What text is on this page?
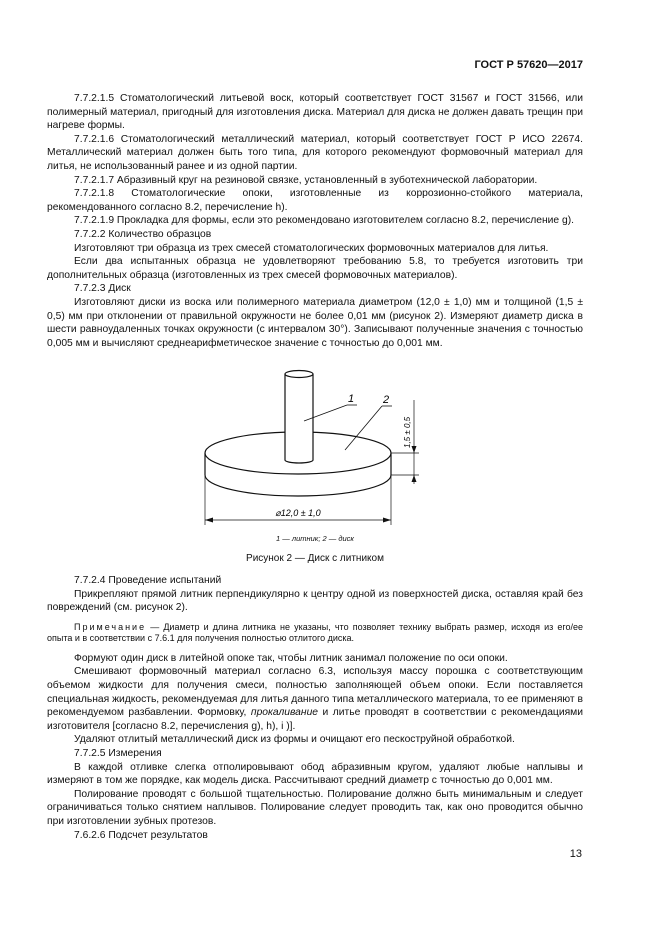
ГОСТ Р 57620—2017

7.7.2.1.5 Стоматологический литьевой воск, который соответствует ГОСТ 31567 и ГОСТ 31566, или полимерный материал, пригодный для изготовления диска. Материал для диска не должен давать трещин при нагреве формы.

7.7.2.1.6 Стоматологический металлический материал, который соответствует ГОСТ Р ИСО 22674. Металлический материал должен быть того типа, для которого рекомендуют формовочный материал для литья, не использованный ранее и из одной партии.

7.7.2.1.7 Абразивный круг на резиновой связке, установленный в зуботехнической лаборатории.

7.7.2.1.8 Стоматологические опоки, изготовленные из коррозионно-стойкого материала, рекомендованного согласно 8.2, перечисление h).

7.7.2.1.9 Прокладка для формы, если это рекомендовано изготовителем согласно 8.2, перечисление g).

7.7.2.2 Количество образцов

Изготовляют три образца из трех смесей стоматологических формовочных материалов для литья.

Если два испытанных образца не удовлетворяют требованию 5.8, то требуется изготовить три дополнительных образца (изготовленных из трех смесей формовочных материалов).

7.7.2.3 Диск

Изготовляют диски из воска или полимерного материала диаметром (12,0 ± 1,0) мм и толщиной (1,5 ± 0,5) мм при отклонении от правильной окружности не более 0,01 мм (рисунок 2). Измеряют диаметр диска в шести равноудаленных точках окружности (с интервалом 30°). Записывают полученные значения с точностью 0,005 мм и вычисляют среднеарифметическое значение с точностью до 0,001 мм.

1	2
⌀12,0 ± 1,0
1,5 ± 0,5
1 — литник; 2 — диск
Рисунок 2 — Диск с литником

7.7.2.4 Проведение испытаний

Прикрепляют прямой литник перпендикулярно к центру одной из поверхностей диска, оставляя край без повреждений (см. рисунок 2).

Примечание — Диаметр и длина литника не указаны, что позволяет технику выбрать размер, исходя из его/ее опыта и в соответствии с 7.6.1 для получения полностью отлитого диска.

Формуют один диск в литейной опоке так, чтобы литник занимал положение по оси опоки.

Смешивают формовочный материал согласно 6.3, используя массу порошка с соответствующим объемом жидкости для получения смеси, полностью заполняющей объем опоки. Если поставляется специальная жидкость, рекомендуемая для литья данного типа металлического материала, то ее применяют в рекомендуемом разбавлении. Формовку, прокаливание и литье проводят в соответствии с рекомендациями изготовителя [согласно 8.2, перечисления g), h), i )].

Удаляют отлитый металлический диск из формы и очищают его пескоструйной обработкой.

7.7.2.5 Измерения

В каждой отливке слегка отполировывают обод абразивным кругом, удаляют любые наплывы и измеряют в том же порядке, как модель диска. Рассчитывают средний диаметр с точностью до 0,001 мм.

Полирование проводят с большой тщательностью. Полирование должно быть минимальным и следует ограничиваться только снятием наплывов. Полирование следует проводить так, как оно проводится обычно при изготовлении зубных протезов.

7.6.2.6 Подсчет результатов

13
